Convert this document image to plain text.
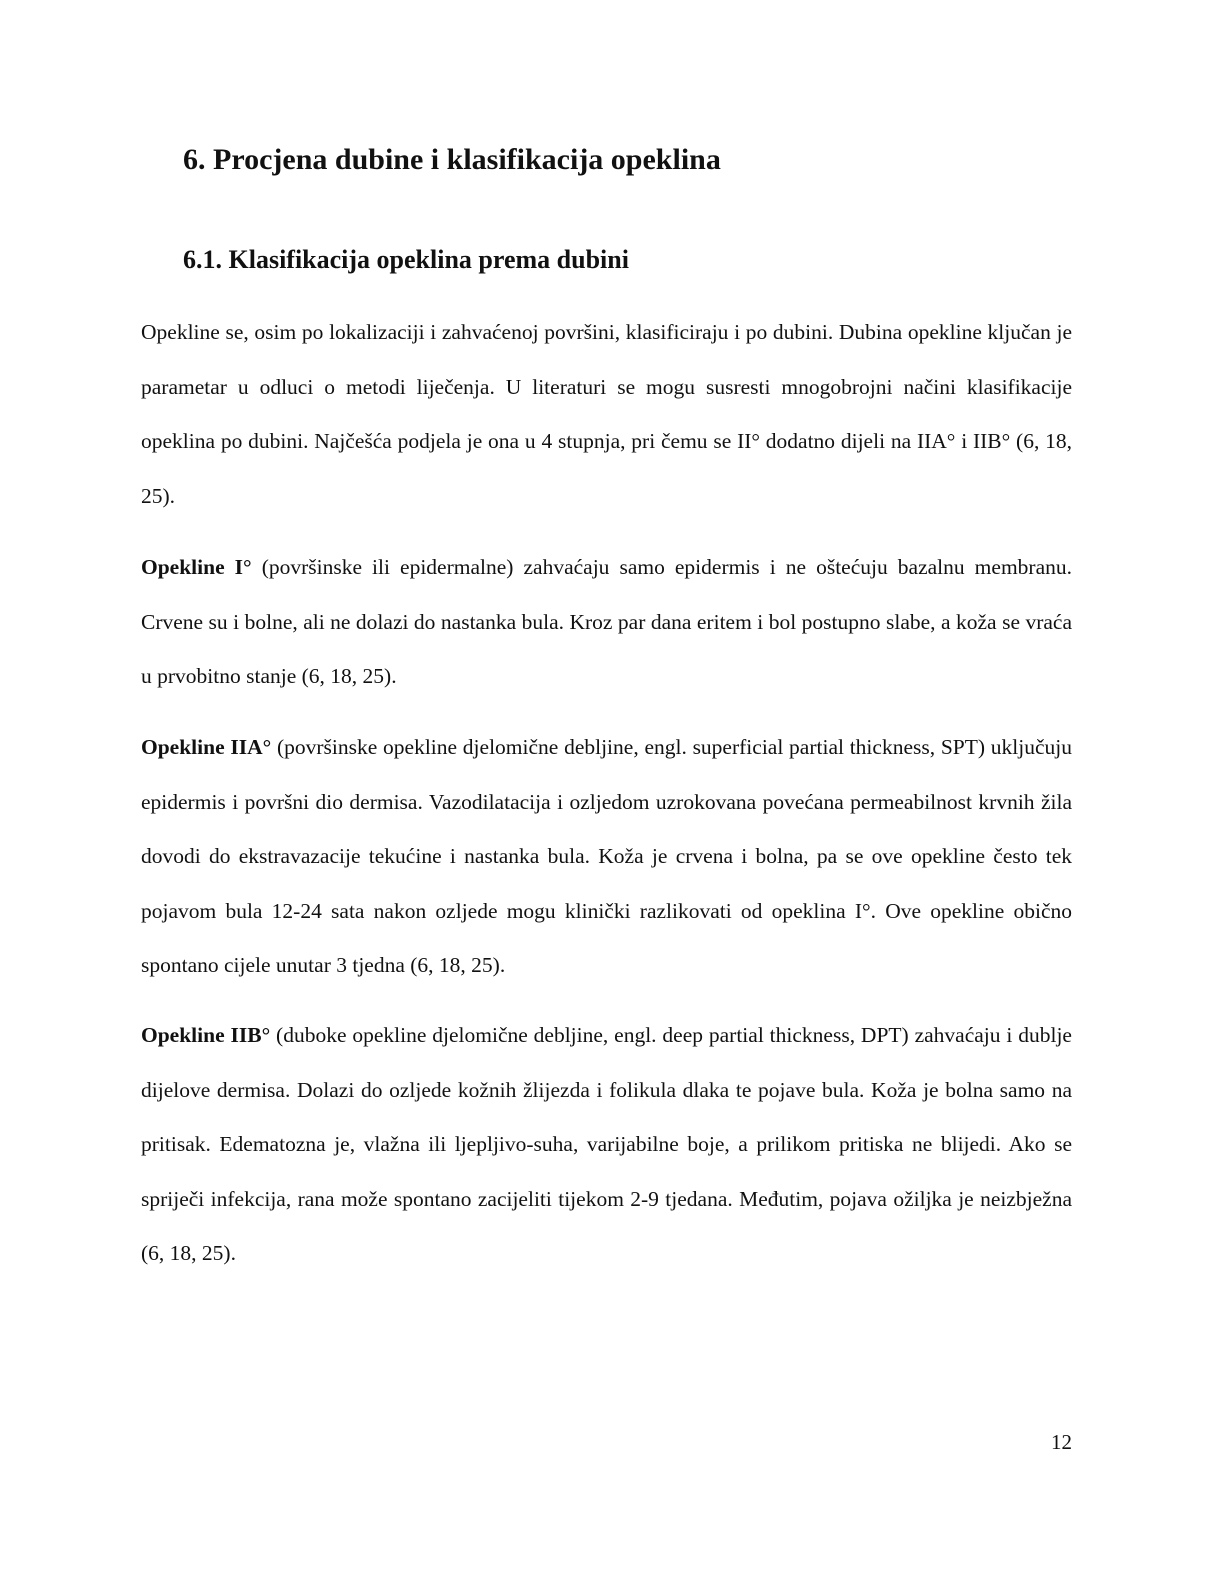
6. Procjena dubine i klasifikacija opeklina
6.1. Klasifikacija opeklina prema dubini

Opekline se, osim po lokalizaciji i zahvaćenoj površini, klasificiraju i po dubini. Dubina opekline ključan je parametar u odluci o metodi liječenja. U literaturi se mogu susresti mnogobrojni načini klasifikacije opeklina po dubini. Najčešća podjela je ona u 4 stupnja, pri čemu se II° dodatno dijeli na IIA° i IIB° (6, 18, 25).

Opekline I° (površinske ili epidermalne) zahvaćaju samo epidermis i ne oštećuju bazalnu membranu. Crvene su i bolne, ali ne dolazi do nastanka bula. Kroz par dana eritem i bol postupno slabe, a koža se vraća u prvobitno stanje (6, 18, 25).

Opekline IIA° (površinske opekline djelomične debljine, engl. superficial partial thickness, SPT) uključuju epidermis i površni dio dermisa. Vazodilatacija i ozljedom uzrokovana povećana permeabilnost krvnih žila dovodi do ekstravazacije tekućine i nastanka bula. Koža je crvena i bolna, pa se ove opekline često tek pojavom bula 12-24 sata nakon ozljede mogu klinički razlikovati od opeklina I°. Ove opekline obično spontano cijele unutar 3 tjedna (6, 18, 25).

Opekline IIB° (duboke opekline djelomične debljine, engl. deep partial thickness, DPT) zahvaćaju i dublje dijelove dermisa. Dolazi do ozljede kožnih žlijezda i folikula dlaka te pojave bula. Koža je bolna samo na pritisak. Edematozna je, vlažna ili ljepljivo-suha, varijabilne boje, a prilikom pritiska ne blijedi. Ako se spriječi infekcija, rana može spontano zacijeliti tijekom 2-9 tjedana. Međutim, pojava ožiljka je neizbježna (6, 18, 25).

12
